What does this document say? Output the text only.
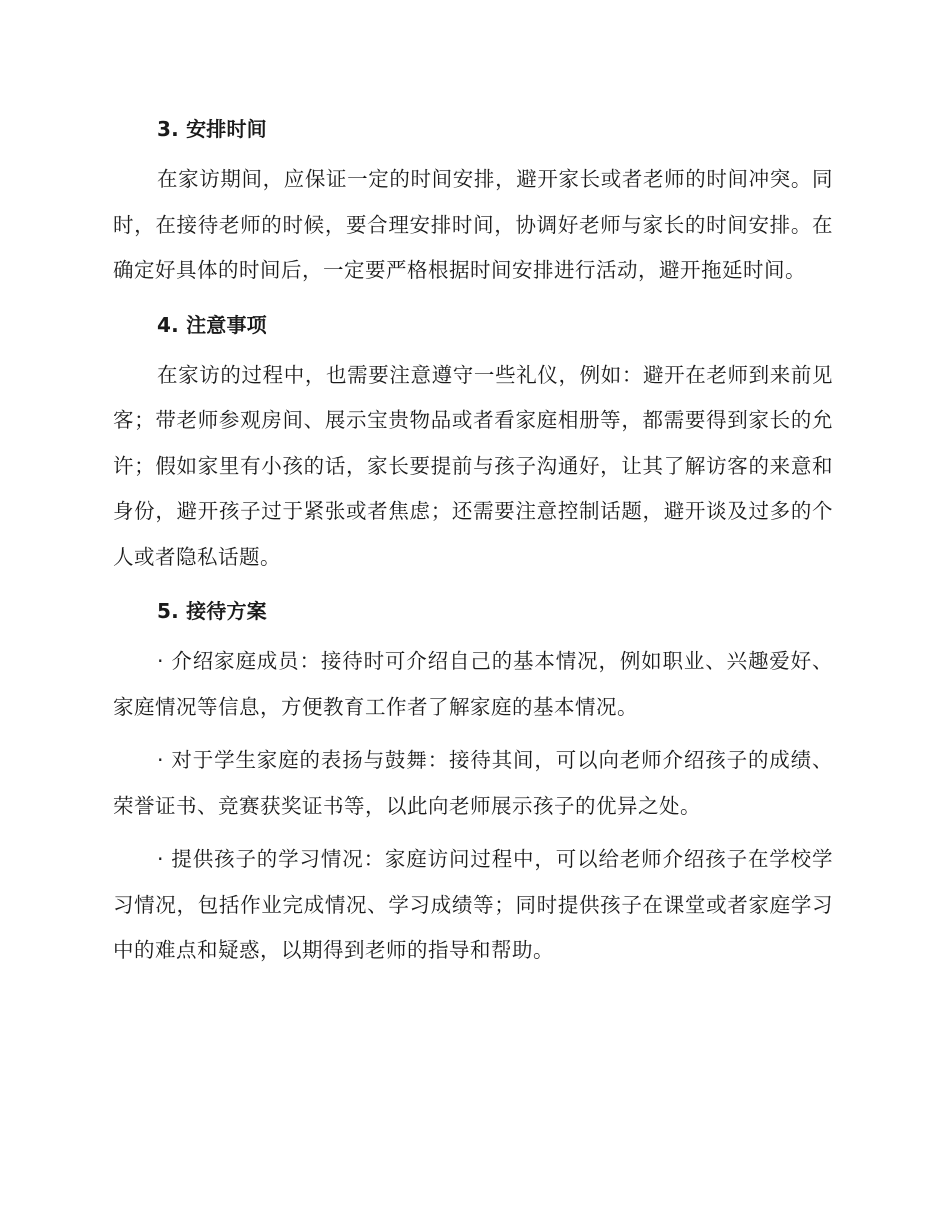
3. 安排时间

在家访期间，应保证一定的时间安排，避开家长或者老师的时间冲突。同时，在接待老师的时候，要合理安排时间，协调好老师与家长的时间安排。在确定好具体的时间后，一定要严格根据时间安排进行活动，避开拖延时间。

4. 注意事项

在家访的过程中，也需要注意遵守一些礼仪，例如：避开在老师到来前见客；带老师参观房间、展示宝贵物品或者看家庭相册等，都需要得到家长的允许；假如家里有小孩的话，家长要提前与孩子沟通好，让其了解访客的来意和身份，避开孩子过于紧张或者焦虑；还需要注意控制话题，避开谈及过多的个人或者隐私话题。

5. 接待方案

· 介绍家庭成员：接待时可介绍自己的基本情况，例如职业、兴趣爱好、家庭情况等信息，方便教育工作者了解家庭的基本情况。

· 对于学生家庭的表扬与鼓舞：接待其间，可以向老师介绍孩子的成绩、荣誉证书、竞赛获奖证书等，以此向老师展示孩子的优异之处。

· 提供孩子的学习情况：家庭访问过程中，可以给老师介绍孩子在学校学习情况，包括作业完成情况、学习成绩等；同时提供孩子在课堂或者家庭学习中的难点和疑惑，以期得到老师的指导和帮助。
